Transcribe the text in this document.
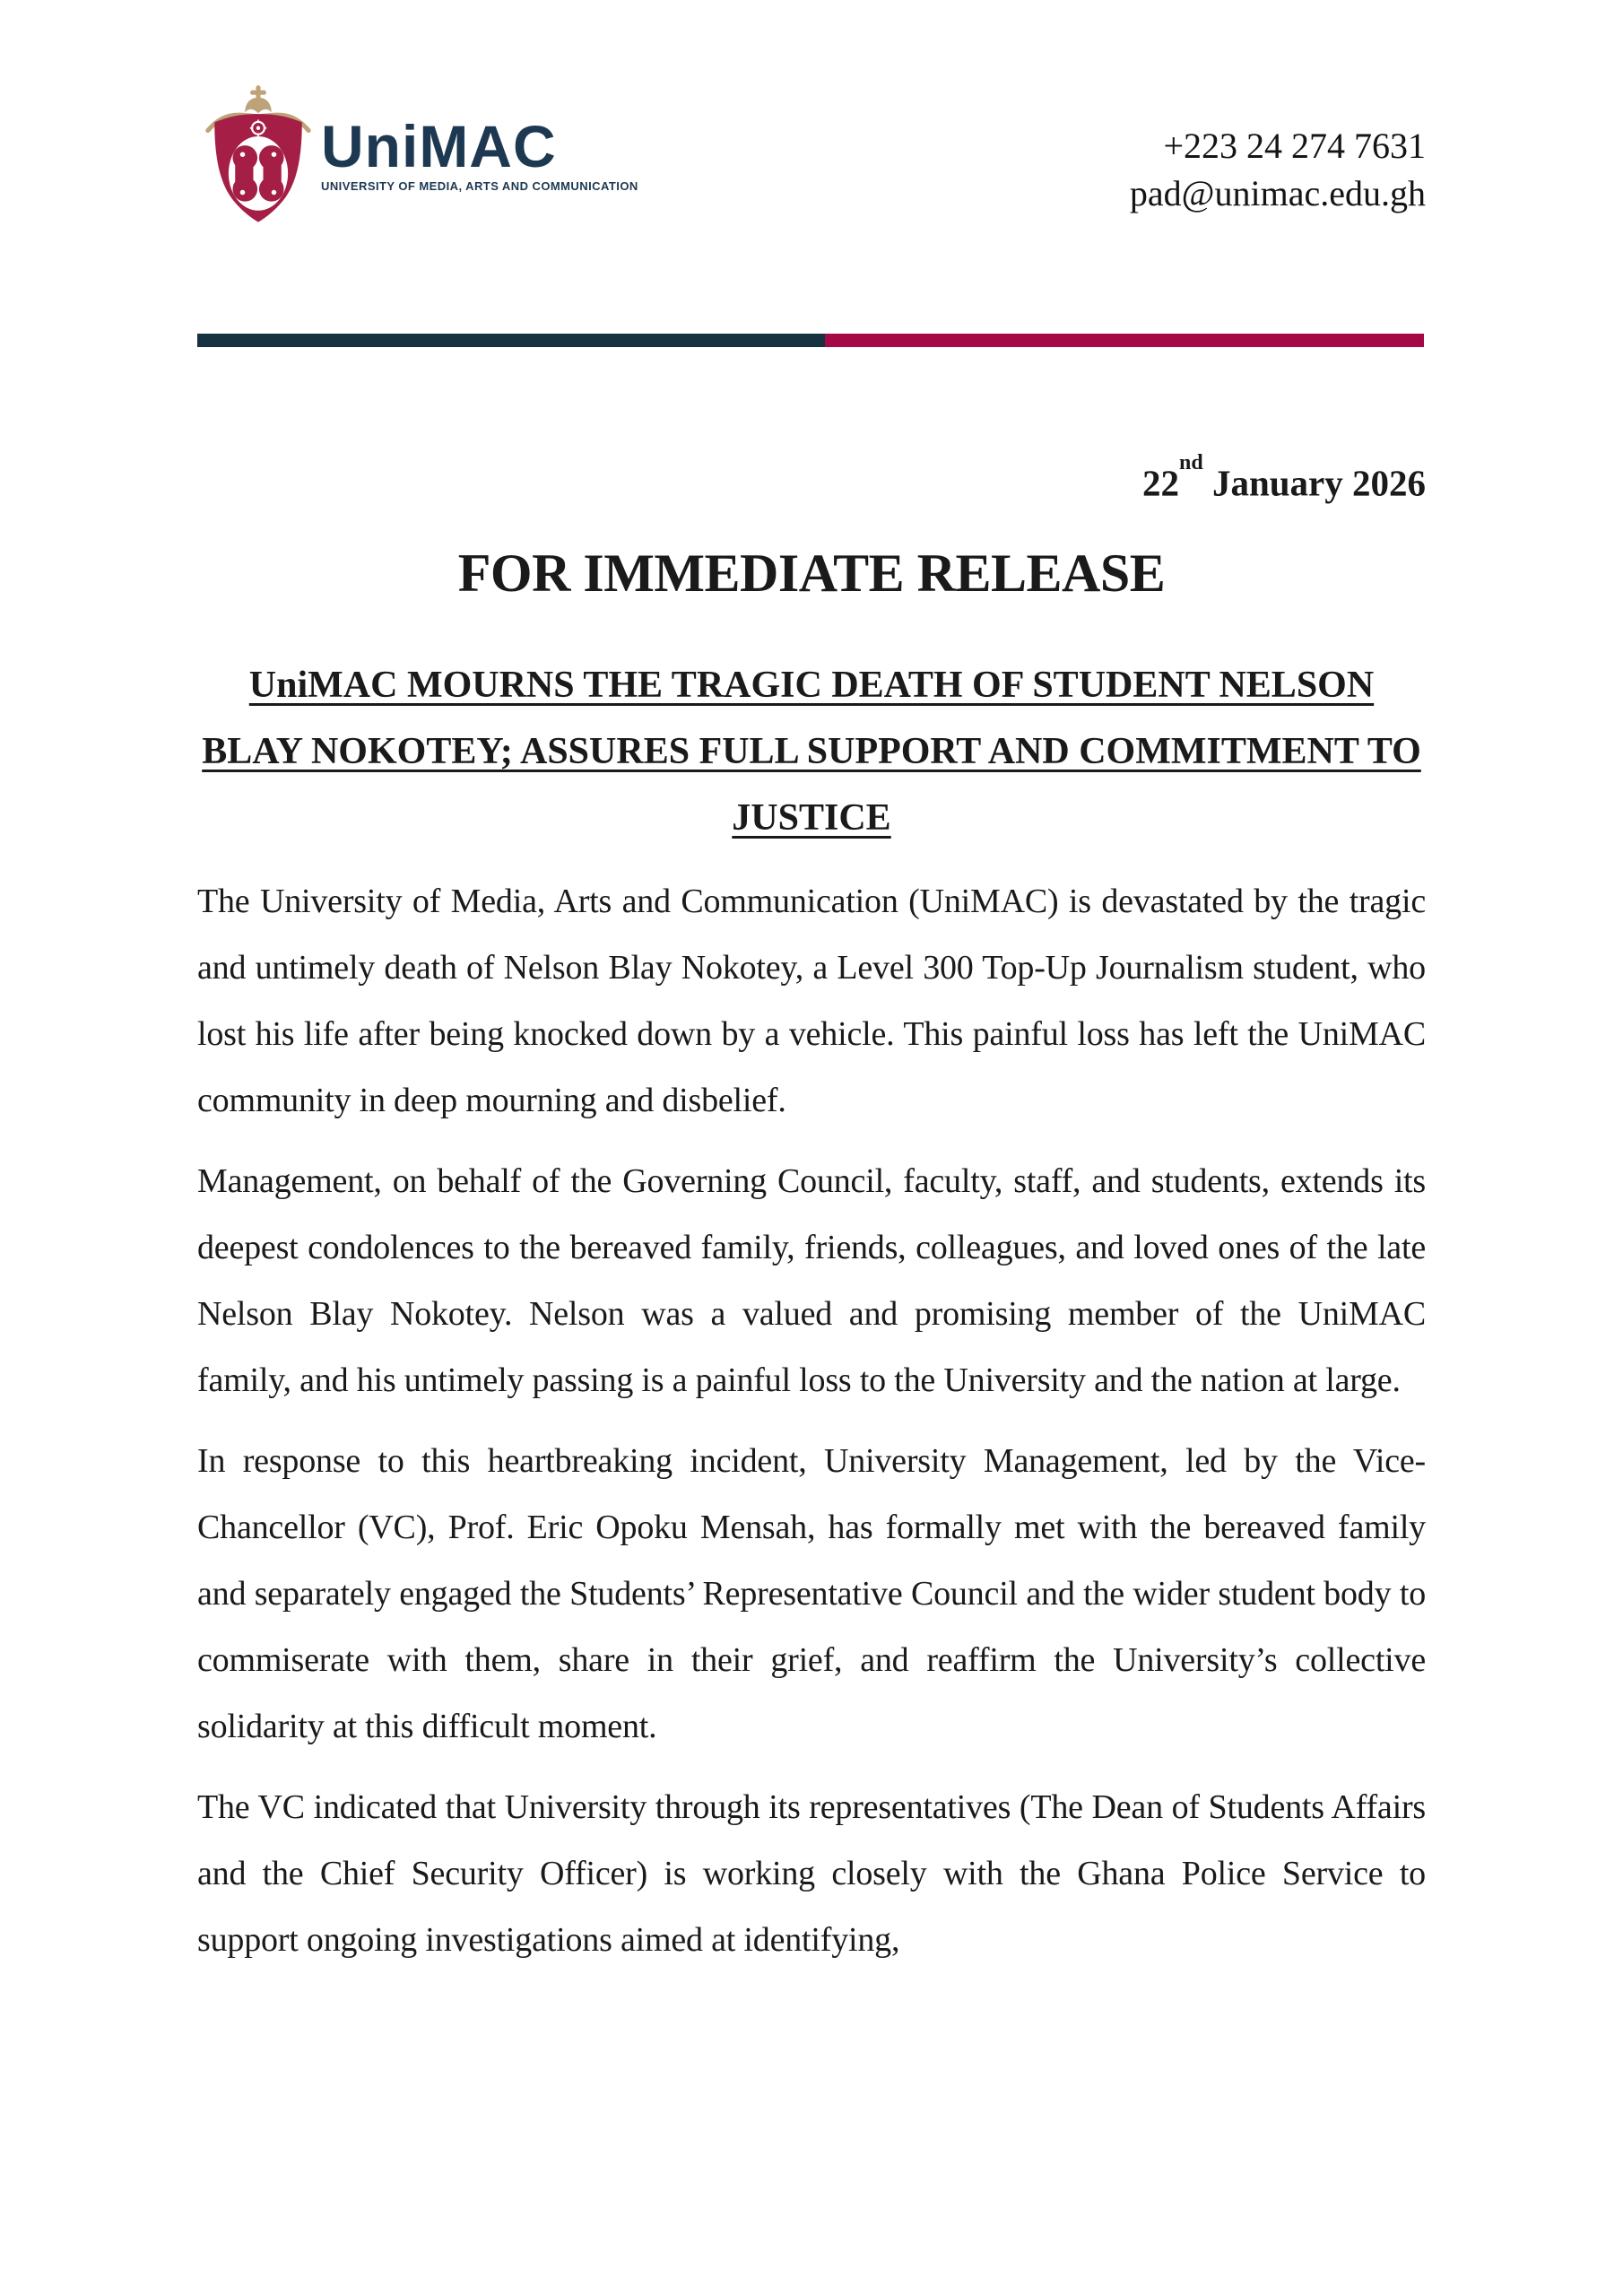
UniMAC
UNIVERSITY OF MEDIA, ARTS AND COMMUNICATION
+223 24 274 7631
pad@unimac.edu.gh
22nd January 2026
FOR IMMEDIATE RELEASE
UniMAC MOURNS THE TRAGIC DEATH OF STUDENT NELSON
BLAY NOKOTEY; ASSURES FULL SUPPORT AND COMMITMENT TO
JUSTICE

The University of Media, Arts and Communication (UniMAC) is devastated by the tragic and untimely death of Nelson Blay Nokotey, a Level 300 Top-Up Journalism student, who lost his life after being knocked down by a vehicle. This painful loss has left the UniMAC community in deep mourning and disbelief.

Management, on behalf of the Governing Council, faculty, staff, and students, extends its deepest condolences to the bereaved family, friends, colleagues, and loved ones of the late Nelson Blay Nokotey. Nelson was a valued and promising member of the UniMAC family, and his untimely passing is a painful loss to the University and the nation at large.

In response to this heartbreaking incident, University Management, led by the Vice-Chancellor (VC), Prof. Eric Opoku Mensah, has formally met with the bereaved family and separately engaged the Students’ Representative Council and the wider student body to commiserate with them, share in their grief, and reaffirm the University’s collective solidarity at this difficult moment.

The VC indicated that University through its representatives (The Dean of Students Affairs and the Chief Security Officer) is working closely with the Ghana Police Service to support ongoing investigations aimed at identifying,
